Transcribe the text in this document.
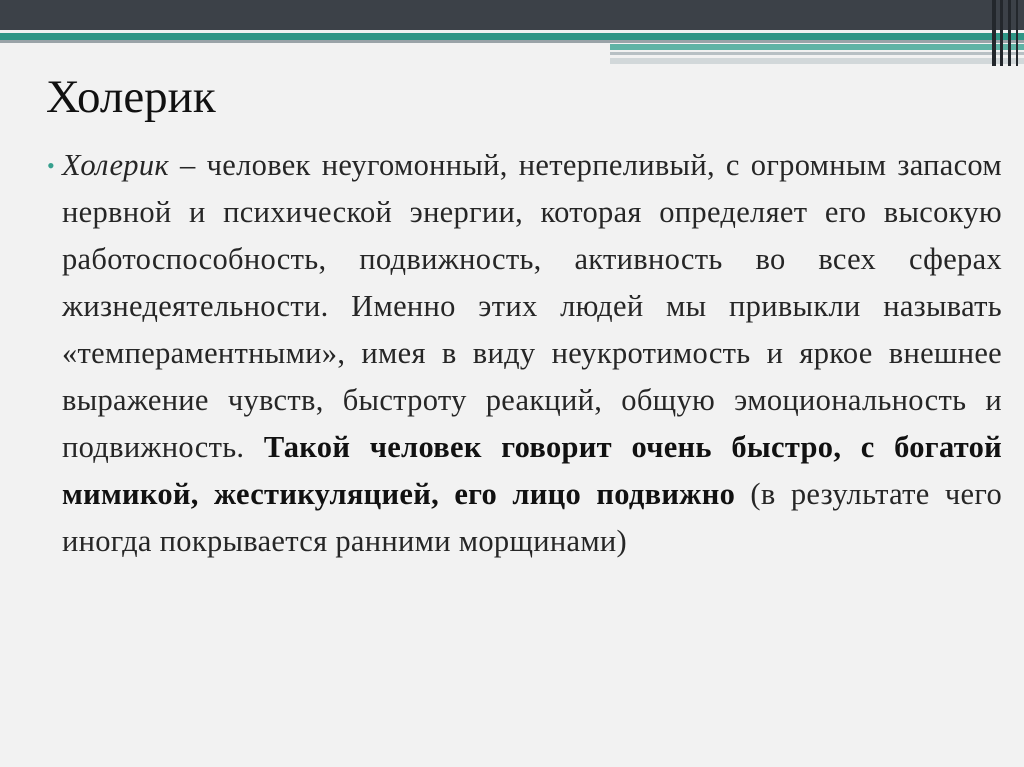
Холерик
• Холерик – человек неугомонный, нетерпеливый, с огромным запасом нервной и психической энергии, которая определяет его высокую работоспособность, подвижность, активность во всех сферах жизнедеятельности. Именно этих людей мы привыкли называть «темпераментными», имея в виду неукротимость и яркое внешнее выражение чувств, быстроту реакций, общую эмоциональность и подвижность. Такой человек говорит очень быстро, с богатой мимикой, жестикуляцией, его лицо подвижно (в результате чего иногда покрывается ранними морщинами)
